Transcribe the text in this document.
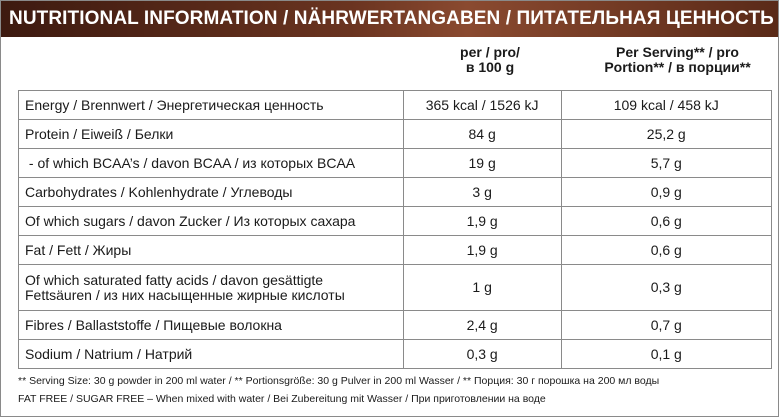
NUTRITIONAL INFORMATION / NÄHRWERTANGABEN / ПИТАТЕЛЬНАЯ ЦЕННОСТЬ
per / pro/
в 100 g
Per Serving** / pro
Portion** / в порции**
Energy / Brennwert / Энергетическая ценность	365 kcal / 1526 kJ	109 kcal / 458 kJ
Protein / Eiweiß / Белки	84 g	25,2 g
- of which BCAA’s / davon BCAA / из которых BCAA	19 g	5,7 g
Carbohydrates / Kohlenhydrate / Углеводы	3 g	0,9 g
Of which sugars / davon Zucker / Из которых сахара	1,9 g	0,6 g
Fat / Fett / Жиры	1,9 g	0,6 g

Of which saturated fatty acids / davon gesättigte
Fettsäuren / из них насыщенные жирные кислоты	1 g	0,3 g
Fibres / Ballaststoffe / Пищевые волокна	2,4 g	0,7 g
Sodium / Natrium / Натрий	0,3 g	0,1 g
** Serving Size: 30 g powder in 200 ml water / ** Portionsgröße: 30 g Pulver in 200 ml Wasser / ** Порция: 30 г порошка на 200 мл воды
FAT FREE / SUGAR FREE – When mixed with water / Bei Zubereitung mit Wasser / При приготовлении на воде
